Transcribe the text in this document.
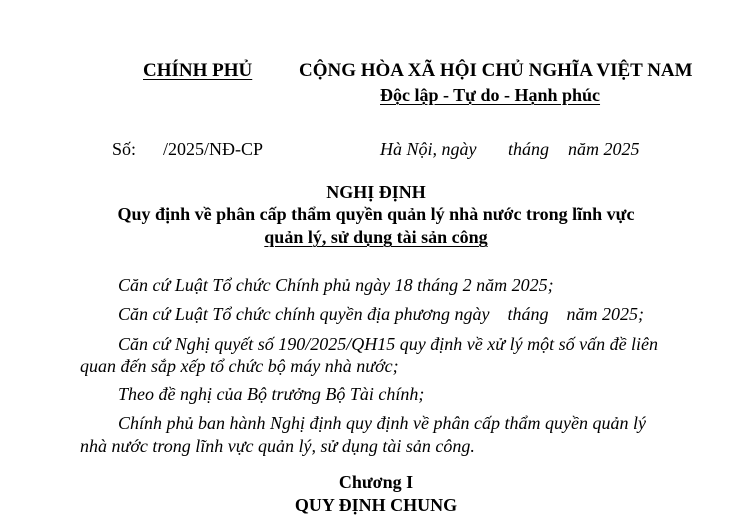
CHÍNH PHỦ CỘNG HÒA XÃ HỘI CHỦ NGHĨA VIỆT NAM
Độc lập - Tự do - Hạnh phúc
Số: /2025/NĐ-CP	Hà Nội, ngày tháng năm 2025
NGHỊ ĐỊNH
Quy định về phân cấp thẩm quyền quản lý nhà nước trong lĩnh vực
quản lý, sử dụng tài sản công
Căn cứ Luật Tổ chức Chính phủ ngày 18 tháng 2 năm 2025;
Căn cứ Luật Tổ chức chính quyền địa phương ngày    tháng    năm 2025;
Căn cứ Nghị quyết số 190/2025/QH15 quy định về xử lý một số vấn đề liên
quan đến sắp xếp tổ chức bộ máy nhà nước;
Theo đề nghị của Bộ trưởng Bộ Tài chính;
Chính phủ ban hành Nghị định quy định về phân cấp thẩm quyền quản lý
nhà nước trong lĩnh vực quản lý, sử dụng tài sản công.
Chương I
QUY ĐỊNH CHUNG
